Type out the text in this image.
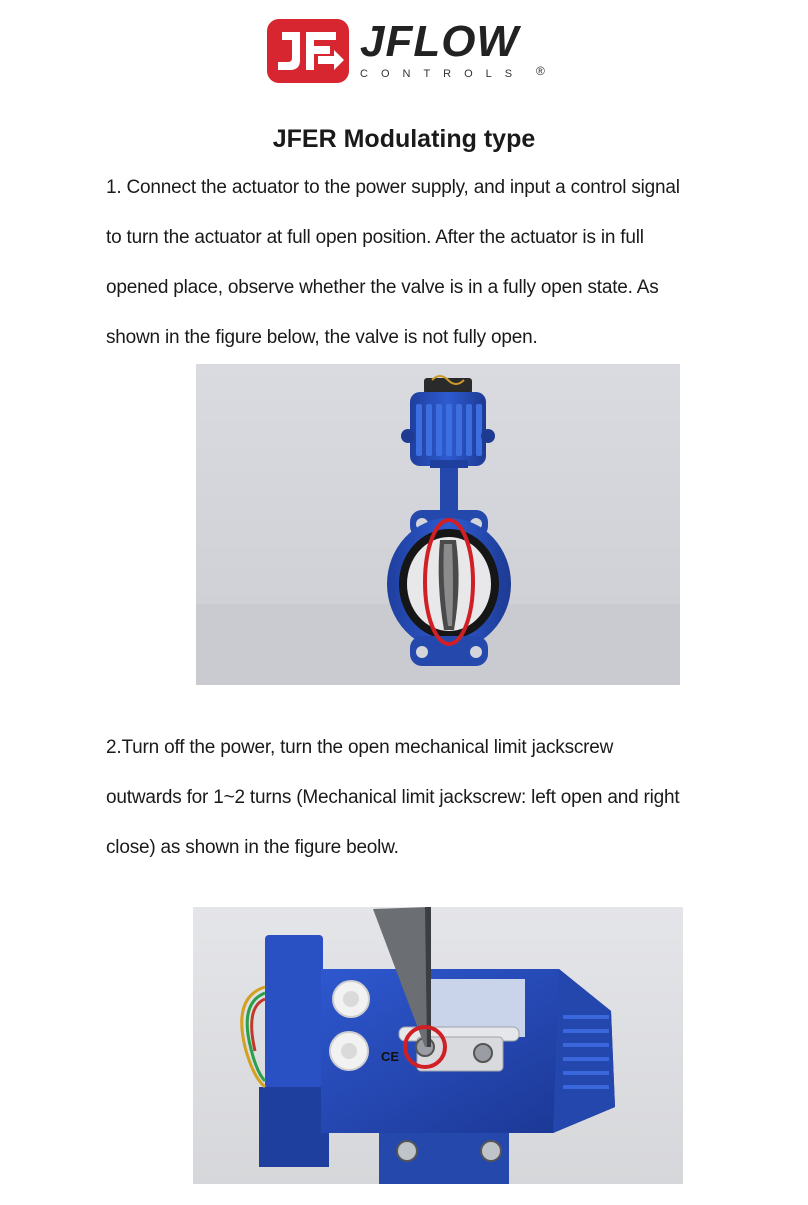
JFLOW
CONTROLS ®
JFER Modulating type

1. Connect the actuator to the power supply, and input a control signal

to turn the actuator at full open position. After the actuator is in full

opened place, observe whether the valve is in a fully open state. As

shown in the figure below, the valve is not fully open.

2.Turn off the power, turn the open mechanical limit jackscrew

outwards for 1~2 turns (Mechanical limit jackscrew: left open and right

close) as shown in the figure beolw.

CE
